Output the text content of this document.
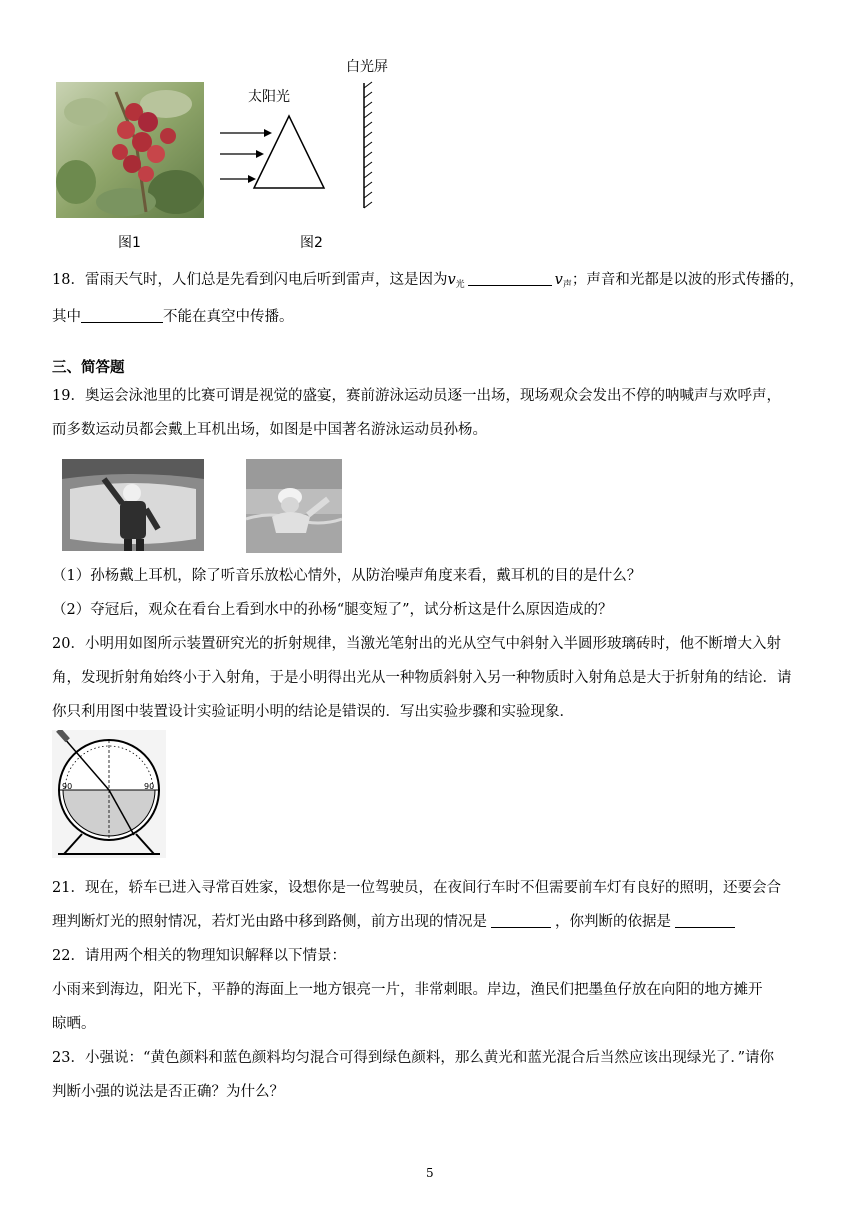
图1
太阳光
白光屏
图2
18．雷雨天气时，人们总是先看到闪电后听到雷声，这是因为$v_光$	$v_声$；声音和光都是以波的形式传播的，
其中	不能在真空中传播。
三、简答题
19．奥运会泳池里的比赛可谓是视觉的盛宴，赛前游泳运动员逐一出场，现场观众会发出不停的呐喊声与欢呼声，
而多数运动员都会戴上耳机出场，如图是中国著名游泳运动员孙杨。
（1）孙杨戴上耳机，除了听音乐放松心情外，从防治噪声角度来看，戴耳机的目的是什么？
（2）夺冠后，观众在看台上看到水中的孙杨“腿变短了”，试分析这是什么原因造成的？
20．小明用如图所示装置研究光的折射规律，当激光笔射出的光从空气中斜射入半圆形玻璃砖时，他不断增大入射
角，发现折射角始终小于入射角，于是小明得出光从一种物质斜射入另一种物质时入射角总是大于折射角的结论．请
你只利用图中装置设计实验证明小明的结论是错误的．写出实验步骤和实验现象．
90	90
21．现在，轿车已进入寻常百姓家，设想你是一位驾驶员，在夜间行车时不但需要前车灯有良好的照明，还要会合
理判断灯光的照射情况，若灯光由路中移到路侧，前方出现的情况是	，你判断的依据是
22．请用两个相关的物理知识解释以下情景：
小雨来到海边，阳光下，平静的海面上一地方银亮一片，非常刺眼。岸边，渔民们把墨鱼仔放在向阳的地方摊开
晾晒。
23．小强说：“黄色颜料和蓝色颜料均匀混合可得到绿色颜料，那么黄光和蓝光混合后当然应该出现绿光了．”请你
判断小强的说法是否正确？为什么？
5
